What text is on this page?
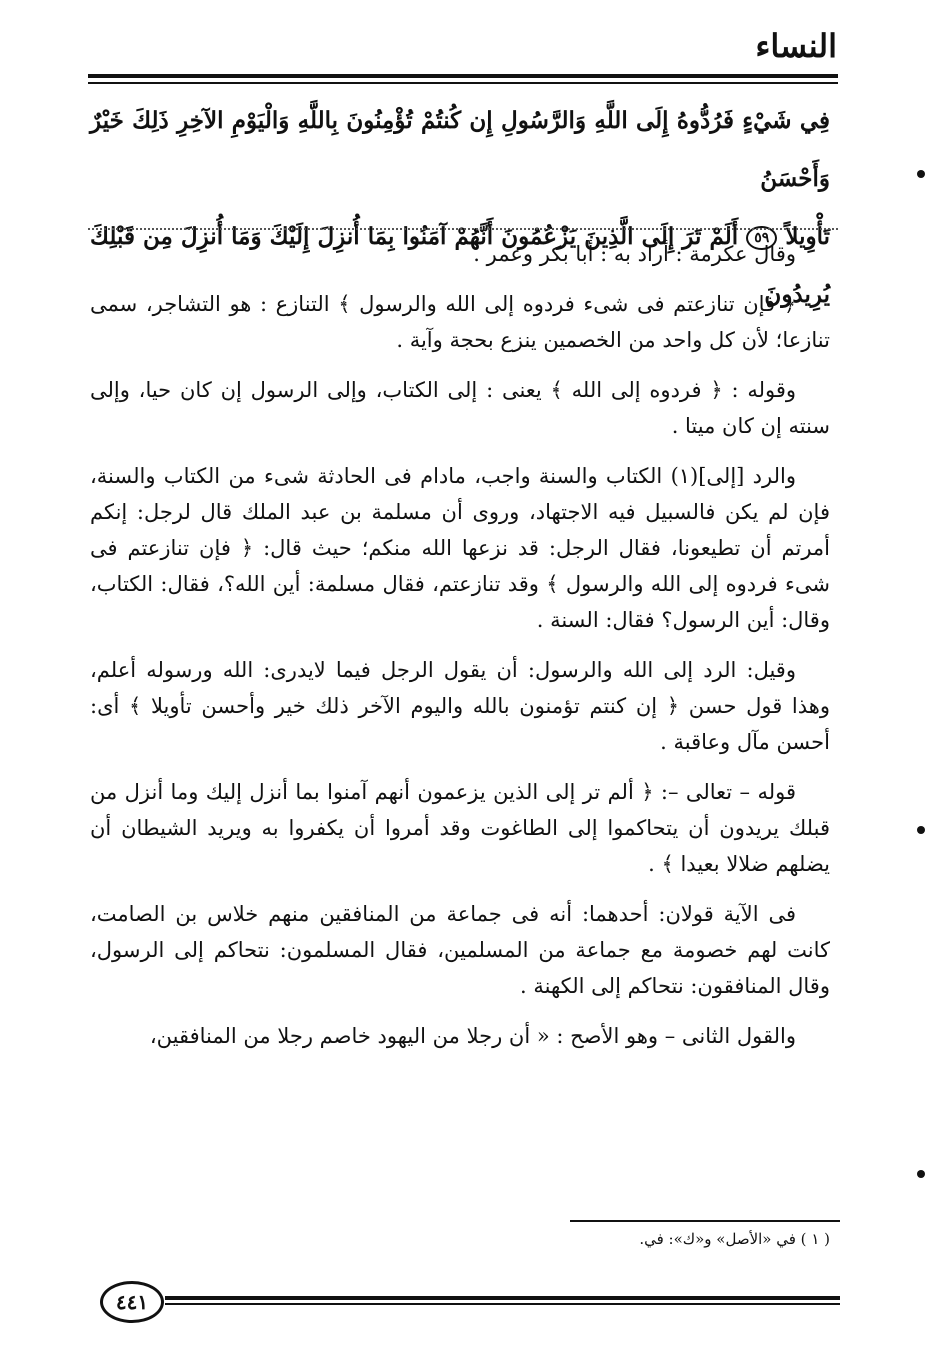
النساء

فِي شَيْءٍ فَرُدُّوهُ إِلَى اللَّهِ وَالرَّسُولِ إِن كُنتُمْ تُؤْمِنُونَ بِاللَّهِ وَالْيَوْمِ الآخِرِ ذَلِكَ خَيْرٌ وَأَحْسَنُ

تَأْوِيلاً ٥٩ أَلَمْ تَرَ إِلَى الَّذِينَ يَزْعُمُونَ أَنَّهُمْ آمَنُوا بِمَا أُنزِلَ إِلَيْكَ وَمَا أُنزِلَ مِن قَبْلِكَ يُرِيدُونَ

وقال عكرمة : أراد به : أبا بكر وعمر .

﴿ فإن تنازعتم فى شىء فردوه إلى الله والرسول ﴾ التنازع : هو التشاجر، سمى تنازعا؛ لأن كل واحد من الخصمين ينزع بحجة وآية .

وقوله : ﴿ فردوه إلى الله ﴾ يعنى : إلى الكتاب، وإلى الرسول إن كان حيا، وإلى سنته إن كان ميتا .

والرد [إلى](١) الكتاب والسنة واجب، مادام فى الحادثة شىء من الكتاب والسنة، فإن لم يكن فالسبيل فيه الاجتهاد، وروى أن مسلمة بن عبد الملك قال لرجل: إنكم أمرتم أن تطيعونا، فقال الرجل: قد نزعها الله منكم؛ حيث قال: ﴿ فإن تنازعتم فى شىء فردوه إلى الله والرسول ﴾ وقد تنازعتم، فقال مسلمة: أين الله؟، فقال: الكتاب، وقال: أين الرسول؟ فقال: السنة .

وقيل: الرد إلى الله والرسول: أن يقول الرجل فيما لايدرى: الله ورسوله أعلم، وهذا قول حسن ﴿ إن كنتم تؤمنون بالله واليوم الآخر ذلك خير وأحسن تأويلا ﴾ أى: أحسن مآل وعاقبة .

قوله – تعالى –: ﴿ ألم تر إلى الذين يزعمون أنهم آمنوا بما أنزل إليك وما أنزل من قبلك يريدون أن يتحاكموا إلى الطاغوت وقد أمروا أن يكفروا به ويريد الشيطان أن يضلهم ضلالا بعيدا ﴾ .

فى الآية قولان: أحدهما: أنه فى جماعة من المنافقين منهم خلاس بن الصامت، كانت لهم خصومة مع جماعة من المسلمين، فقال المسلمون: نتحاكم إلى الرسول، وقال المنافقون: نتحاكم إلى الكهنة .

والقول الثانى – وهو الأصح : « أن رجلا من اليهود خاصم رجلا من المنافقين،

( ١ ) في «الأصل» و«ك»: في.
٤٤١
